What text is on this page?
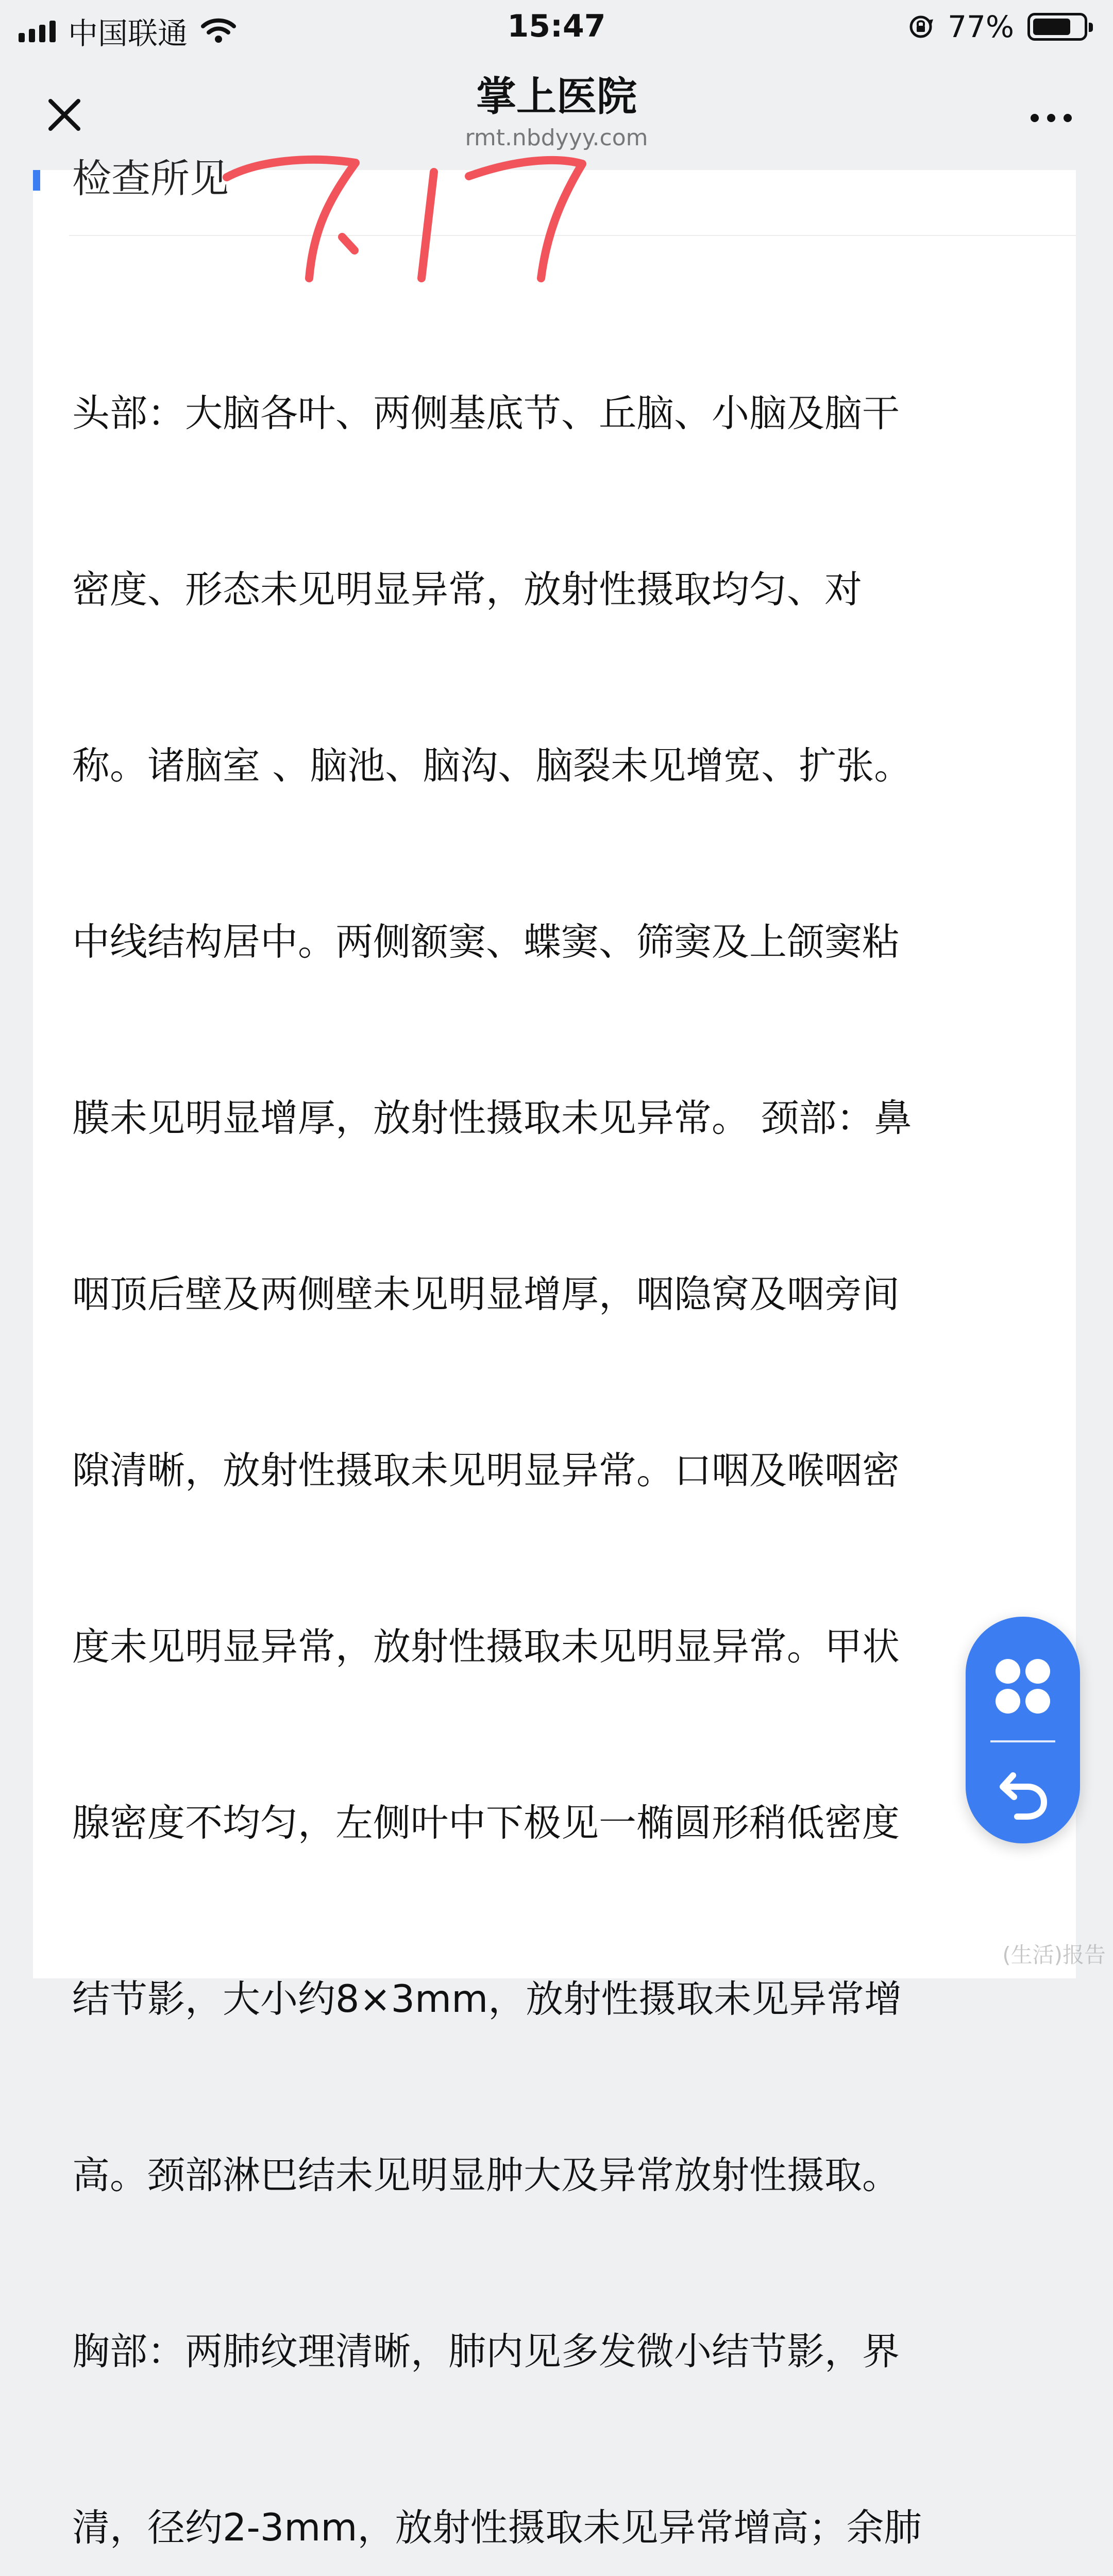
中国联通	15:47	77%
掌上医院
rmt.nbdyyy.com
检查所见

头部：大脑各叶、两侧基底节、丘脑、小脑及脑干

密度、形态未见明显异常，放射性摄取均匀、对

称。诸脑室 、脑池、脑沟、脑裂未见增宽、扩张。

中线结构居中。两侧额窦、蝶窦、筛窦及上颌窦粘

膜未见明显增厚，放射性摄取未见异常。 颈部：鼻

咽顶后壁及两侧壁未见明显增厚，咽隐窝及咽旁间

隙清晰，放射性摄取未见明显异常。口咽及喉咽密

度未见明显异常，放射性摄取未见明显异常。甲状

腺密度不均匀，左侧叶中下极见一椭圆形稍低密度

结节影，大小约8×3mm，放射性摄取未见异常增

高。颈部淋巴结未见明显肿大及异常放射性摄取。

胸部：两肺纹理清晰，肺内见多发微小结节影，界

清，径约2-3mm，放射性摄取未见异常增高；余肺

(生活)报告
